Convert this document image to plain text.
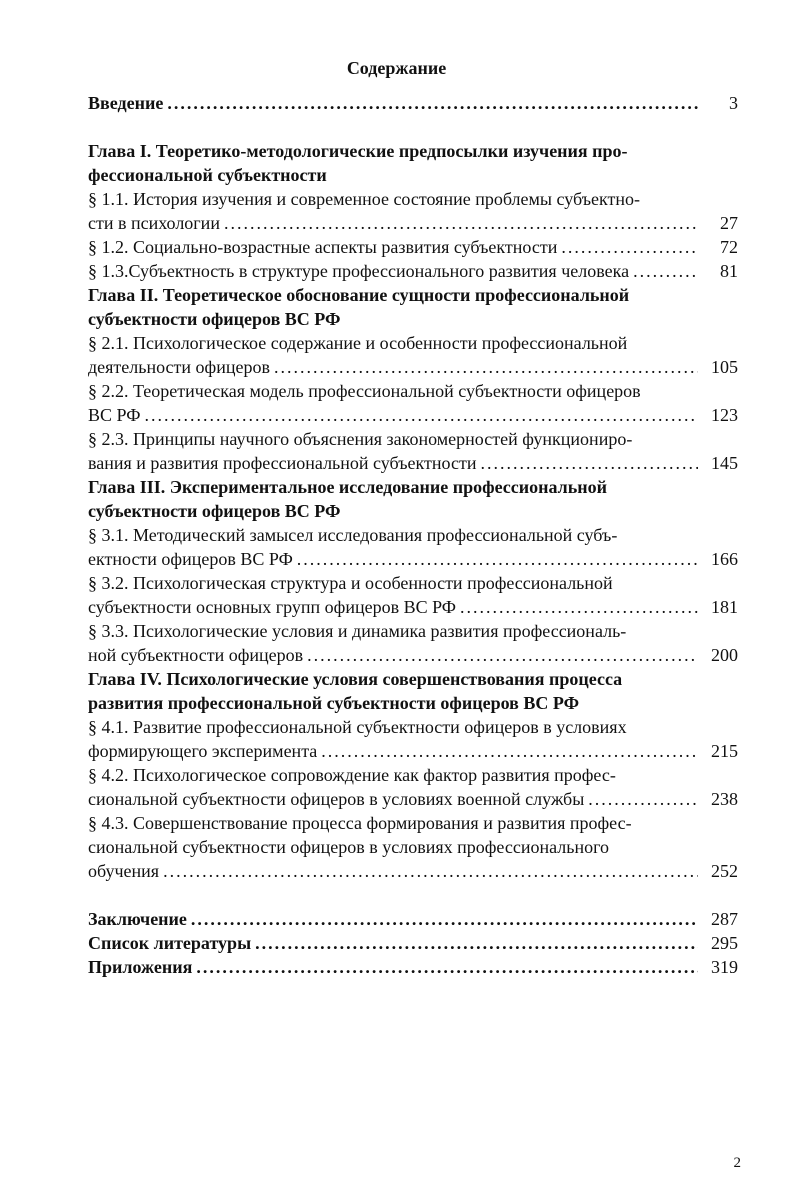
Содержание
Введение .....	3
Глава I. Теоретико-методологические предпосылки изучения про-
фессиональной субъектности
§ 1.1. История изучения и современное состояние проблемы субъектно-
сти в психологии .....	27
§ 1.2. Социально-возрастные аспекты развития субъектности .....	72
§ 1.3.Субъектность в структуре профессионального развития человека .....	81
Глава II. Теоретическое обоснование сущности профессиональной
субъектности офицеров ВС РФ
§ 2.1. Психологическое содержание и особенности профессиональной
деятельности офицеров .....	105
§ 2.2. Теоретическая модель профессиональной субъектности офицеров
ВС РФ .....	123
§ 2.3. Принципы научного объяснения закономерностей функциониро-
вания и развития профессиональной субъектности .....	145
Глава III. Экспериментальное исследование профессиональной
субъектности офицеров ВС РФ
§ 3.1. Методический замысел исследования профессиональной субъ-
ектности офицеров ВС РФ .....	166
§ 3.2. Психологическая структура и особенности профессиональной
субъектности основных групп офицеров ВС РФ .....	181
§ 3.3. Психологические условия и динамика развития профессиональ-
ной субъектности офицеров .....	200
Глава IV. Психологические условия совершенствования процесса
развития профессиональной субъектности офицеров ВС РФ
§ 4.1. Развитие профессиональной субъектности офицеров в условиях
формирующего эксперимента .....	215
§ 4.2. Психологическое сопровождение как фактор развития профес-
сиональной субъектности офицеров в условиях военной службы .....	238
§ 4.3. Совершенствование процесса формирования и развития профес-
сиональной субъектности офицеров в условиях профессионального
обучения .....	252
Заключение .....	287
Список литературы .....	295
Приложения .....	319
2
